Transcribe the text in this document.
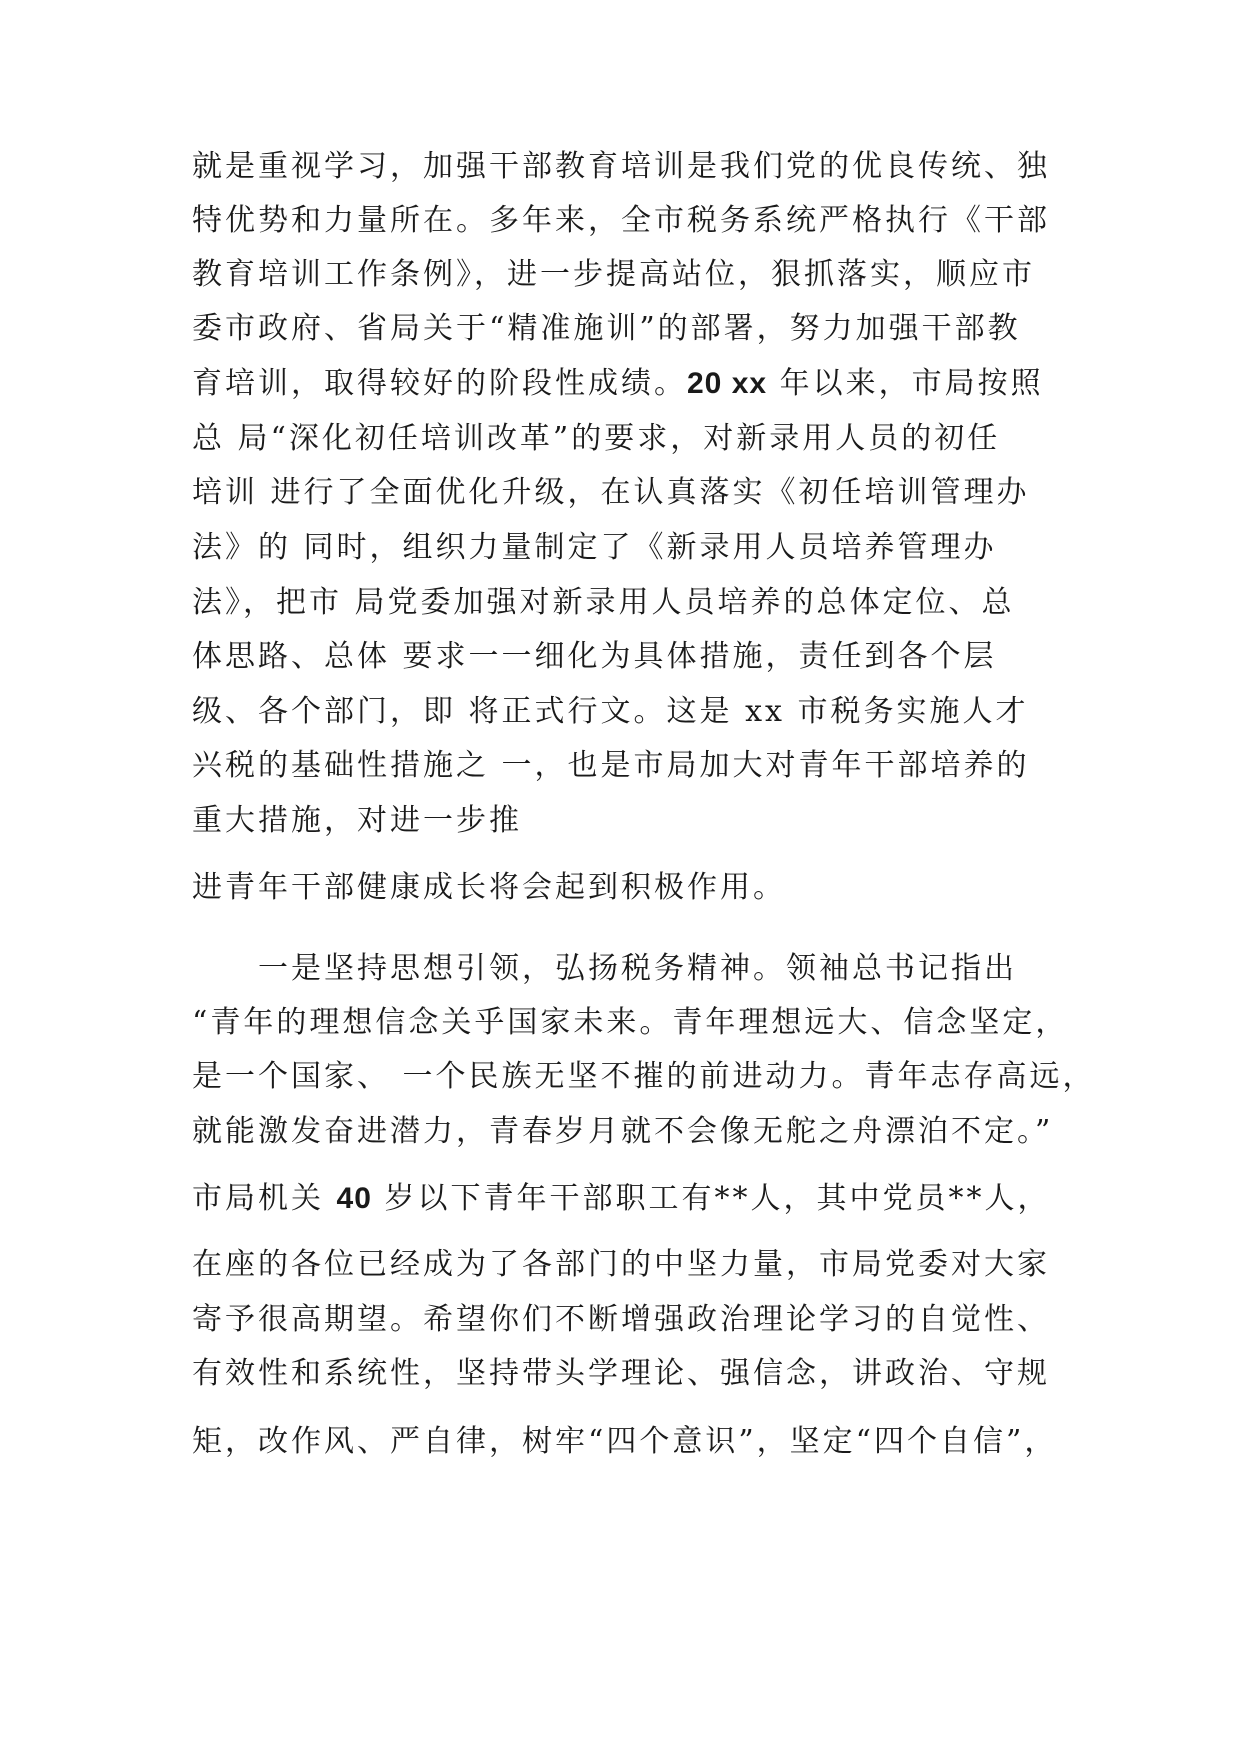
就是重视学习，加强干部教育培训是我们党的优良传统、独
特优势和力量所在。多年来，全市税务系统严格执行《干部
教育培训工作条例》，进一步提高站位，狠抓落实，顺应市
委市政府、省局关于“精准施训”的部署，努力加强干部教
育培训，取得较好的阶段性成绩。20 xx 年以来，市局按照
总 局“深化初任培训改革”的要求，对新录用人员的初任
培训 进行了全面优化升级，在认真落实《初任培训管理办
法》的 同时，组织力量制定了《新录用人员培养管理办
法》，把市 局党委加强对新录用人员培养的总体定位、总
体思路、总体 要求一一细化为具体措施，责任到各个层
级、各个部门，即 将正式行文。这是 xx 市税务实施人才
兴税的基础性措施之 一，也是市局加大对青年干部培养的
重大措施，对进一步推
进青年干部健康成长将会起到积极作用。
一是坚持思想引领，弘扬税务精神。领袖总书记指出
“青年的理想信念关乎国家未来。青年理想远大、信念坚定，
是一个国家、 一个民族无坚不摧的前进动力。青年志存高远，
就能激发奋进潜力，青春岁月就不会像无舵之舟漂泊不定。”
市局机关 40 岁以下青年干部职工有**人，其中党员**人，
在座的各位已经成为了各部门的中坚力量，市局党委对大家
寄予很高期望。希望你们不断增强政治理论学习的自觉性、
有效性和系统性，坚持带头学理论、强信念，讲政治、守规
矩，改作风、严自律，树牢“四个意识”，坚定“四个自信”，
